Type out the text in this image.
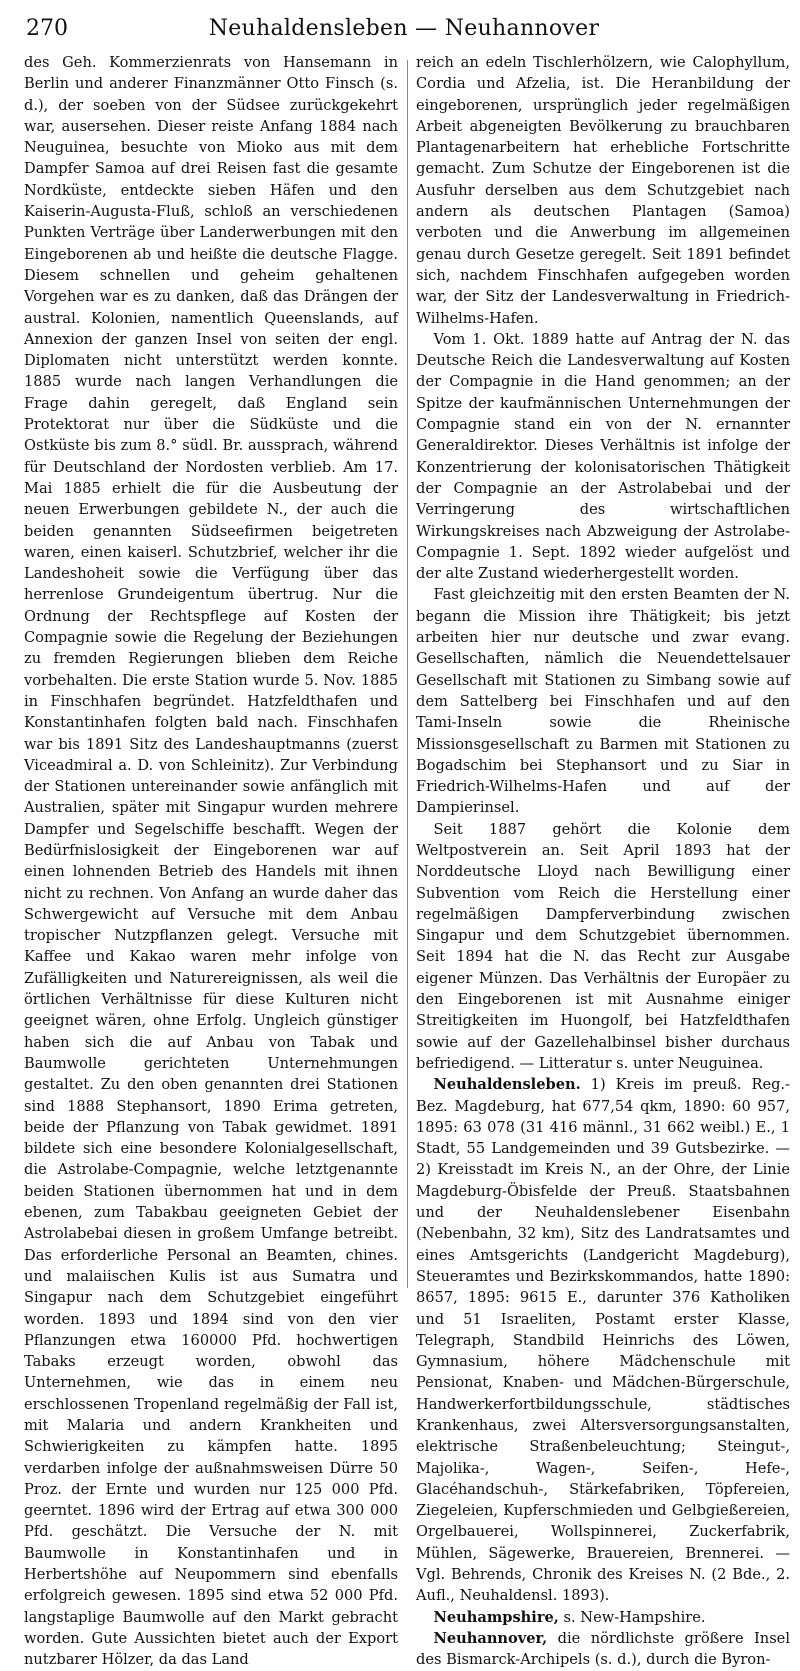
270	Neuhaldensleben — Neuhannover

des Geh. Kommerzienrats von Hansemann in Berlin und anderer Finanzmänner Otto Finsch (s. d.), der soeben von der Südsee zurückgekehrt war, ausersehen. Dieser reiste Anfang 1884 nach Neuguinea, besuchte von Mioko aus mit dem Dampfer Samoa auf drei Reisen fast die gesamte Nordküste, entdeckte sieben Häfen und den Kaiserin-Augusta-Fluß, schloß an verschiedenen Punkten Verträge über Landerwerbungen mit den Eingeborenen ab und heißte die deutsche Flagge. Diesem schnellen und geheim gehaltenen Vorgehen war es zu danken, daß das Drängen der austral. Kolonien, namentlich Queenslands, auf Annexion der ganzen Insel von seiten der engl. Diplomaten nicht unterstützt werden konnte. 1885 wurde nach langen Verhandlungen die Frage dahin geregelt, daß England sein Protektorat nur über die Südküste und die Ostküste bis zum 8.° südl. Br. aussprach, während für Deutschland der Nordosten verblieb. Am 17. Mai 1885 erhielt die für die Ausbeutung der neuen Erwerbungen gebildete N., der auch die beiden genannten Südseefirmen beigetreten waren, einen kaiserl. Schutzbrief, welcher ihr die Landeshoheit sowie die Verfügung über das herrenlose Grundeigentum übertrug. Nur die Ordnung der Rechtspflege auf Kosten der Compagnie sowie die Regelung der Beziehungen zu fremden Regierungen blieben dem Reiche vorbehalten. Die erste Station wurde 5. Nov. 1885 in Finschhafen begründet. Hatzfeldthafen und Konstantinhafen folgten bald nach. Finschhafen war bis 1891 Sitz des Landeshauptmanns (zuerst Viceadmiral a. D. von Schleinitz). Zur Verbindung der Stationen untereinander sowie anfänglich mit Australien, später mit Singapur wurden mehrere Dampfer und Segelschiffe beschafft. Wegen der Bedürfnislosigkeit der Eingeborenen war auf einen lohnenden Betrieb des Handels mit ihnen nicht zu rechnen. Von Anfang an wurde daher das Schwergewicht auf Versuche mit dem Anbau tropischer Nutzpflanzen gelegt. Versuche mit Kaffee und Kakao waren mehr infolge von Zufälligkeiten und Naturereignissen, als weil die örtlichen Verhältnisse für diese Kulturen nicht geeignet wären, ohne Erfolg. Ungleich günstiger haben sich die auf Anbau von Tabak und Baumwolle gerichteten Unternehmungen gestaltet. Zu den oben genannten drei Stationen sind 1888 Stephansort, 1890 Erima getreten, beide der Pflanzung von Tabak gewidmet. 1891 bildete sich eine besondere Kolonialgesellschaft, die Astrolabe-Compagnie, welche letztgenannte beiden Stationen übernommen hat und in dem ebenen, zum Tabakbau geeigneten Gebiet der Astrolabebai diesen in großem Umfange betreibt. Das erforderliche Personal an Beamten, chines. und malaiischen Kulis ist aus Sumatra und Singapur nach dem Schutzgebiet eingeführt worden. 1893 und 1894 sind von den vier Pflanzungen etwa 160000 Pfd. hochwertigen Tabaks erzeugt worden, obwohl das Unternehmen, wie das in einem neu erschlossenen Tropenland regelmäßig der Fall ist, mit Malaria und andern Krankheiten und Schwierigkeiten zu kämpfen hatte. 1895 verdarben infolge der außnahmsweisen Dürre 50 Proz. der Ernte und wurden nur 125 000 Pfd. geerntet. 1896 wird der Ertrag auf etwa 300 000 Pfd. geschätzt. Die Versuche der N. mit Baumwolle in Konstantinhafen und in Herbertshöhe auf Neupommern sind ebenfalls erfolgreich gewesen. 1895 sind etwa 52 000 Pfd. langstaplige Baumwolle auf den Markt gebracht worden. Gute Aussichten bietet auch der Export nutzbarer Hölzer, da das Land

reich an edeln Tischlerhölzern, wie Calophyllum, Cordia und Afzelia, ist. Die Heranbildung der eingeborenen, ursprünglich jeder regelmäßigen Arbeit abgeneigten Bevölkerung zu brauchbaren Plantagenarbeitern hat erhebliche Fortschritte gemacht. Zum Schutze der Eingeborenen ist die Ausfuhr derselben aus dem Schutzgebiet nach andern als deutschen Plantagen (Samoa) verboten und die Anwerbung im allgemeinen genau durch Gesetze geregelt. Seit 1891 befindet sich, nachdem Finschhafen aufgegeben worden war, der Sitz der Landesverwaltung in Friedrich-Wilhelms-Hafen.

Vom 1. Okt. 1889 hatte auf Antrag der N. das Deutsche Reich die Landesverwaltung auf Kosten der Compagnie in die Hand genommen; an der Spitze der kaufmännischen Unternehmungen der Compagnie stand ein von der N. ernannter Generaldirektor. Dieses Verhältnis ist infolge der Konzentrierung der kolonisatorischen Thätigkeit der Compagnie an der Astrolabebai und der Verringerung des wirtschaftlichen Wirkungskreises nach Abzweigung der Astrolabe-Compagnie 1. Sept. 1892 wieder aufgelöst und der alte Zustand wiederhergestellt worden.

Fast gleichzeitig mit den ersten Beamten der N. begann die Mission ihre Thätigkeit; bis jetzt arbeiten hier nur deutsche und zwar evang. Gesellschaften, nämlich die Neuendettelsauer Gesellschaft mit Stationen zu Simbang sowie auf dem Sattelberg bei Finschhafen und auf den Tami-Inseln sowie die Rheinische Missionsgesellschaft zu Barmen mit Stationen zu Bogadschim bei Stephansort und zu Siar in Friedrich-Wilhelms-Hafen und auf der Dampierinsel.

Seit 1887 gehört die Kolonie dem Weltpostverein an. Seit April 1893 hat der Norddeutsche Lloyd nach Bewilligung einer Subvention vom Reich die Herstellung einer regelmäßigen Dampferverbindung zwischen Singapur und dem Schutzgebiet übernommen. Seit 1894 hat die N. das Recht zur Ausgabe eigener Münzen. Das Verhältnis der Europäer zu den Eingeborenen ist mit Ausnahme einiger Streitigkeiten im Huongolf, bei Hatzfeldthafen sowie auf der Gazellehalbinsel bisher durchaus befriedigend. — Litteratur s. unter Neuguinea.

Neuhaldensleben. 1) Kreis im preuß. Reg.-Bez. Magdeburg, hat 677,54 qkm, 1890: 60 957, 1895: 63 078 (31 416 männl., 31 662 weibl.) E., 1 Stadt, 55 Landgemeinden und 39 Gutsbezirke. — 2) Kreisstadt im Kreis N., an der Ohre, der Linie Magdeburg-Öbisfelde der Preuß. Staatsbahnen und der Neuhaldenslebener Eisenbahn (Nebenbahn, 32 km), Sitz des Landratsamtes und eines Amtsgerichts (Landgericht Magdeburg), Steueramtes und Bezirkskommandos, hatte 1890: 8657, 1895: 9615 E., darunter 376 Katholiken und 51 Israeliten, Postamt erster Klasse, Telegraph, Standbild Heinrichs des Löwen, Gymnasium, höhere Mädchenschule mit Pensionat, Knaben- und Mädchen-Bürgerschule, Handwerkerfortbildungsschule, städtisches Krankenhaus, zwei Altersversorgungsanstalten, elektrische Straßenbeleuchtung; Steingut-, Majolika-, Wagen-, Seifen-, Hefe-, Glacéhandschuh-, Stärkefabriken, Töpfereien, Ziegeleien, Kupferschmieden und Gelbgießereien, Orgelbauerei, Wollspinnerei, Zuckerfabrik, Mühlen, Sägewerke, Brauereien, Brennerei. — Vgl. Behrends, Chronik des Kreises N. (2 Bde., 2. Aufl., Neuhaldensl. 1893).

Neuhampshire, s. New-Hampshire.

Neuhannover, die nördlichste größere Insel des Bismarck-Archipels (s. d.), durch die Byron-
